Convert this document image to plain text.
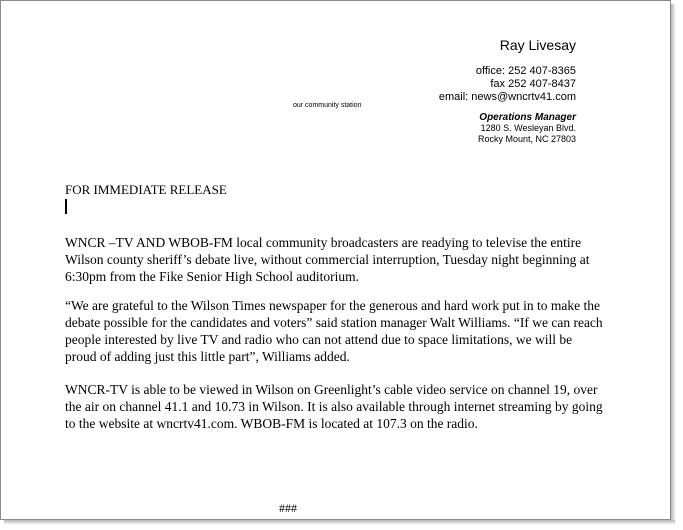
Ray Livesay
office: 252 407-8365
fax 252 407-8437
email: news@wncrtv41.com
our community station
Operations Manager
1280 S. Wesleyan Blvd.
Rocky Mount, NC 27803
FOR IMMEDIATE RELEASE

WNCR –TV AND WBOB-FM local community broadcasters are readying to televise the entire Wilson county sheriff’s debate live, without commercial interruption, Tuesday night beginning at 6:30pm from the Fike Senior High School auditorium.

“We are grateful to the Wilson Times newspaper for the generous and hard work put in to make the debate possible for the candidates and voters” said station manager Walt Williams. “If we can reach people interested by live TV and radio who can not attend due to space limitations, we will be proud of adding just this little part”, Williams added.

WNCR-TV is able to be viewed in Wilson on Greenlight’s cable video service on channel 19, over the air on channel 41.1 and 10.73 in Wilson. It is also available through internet streaming by going to the website at wncrtv41.com. WBOB-FM is located at 107.3 on the radio.

###
